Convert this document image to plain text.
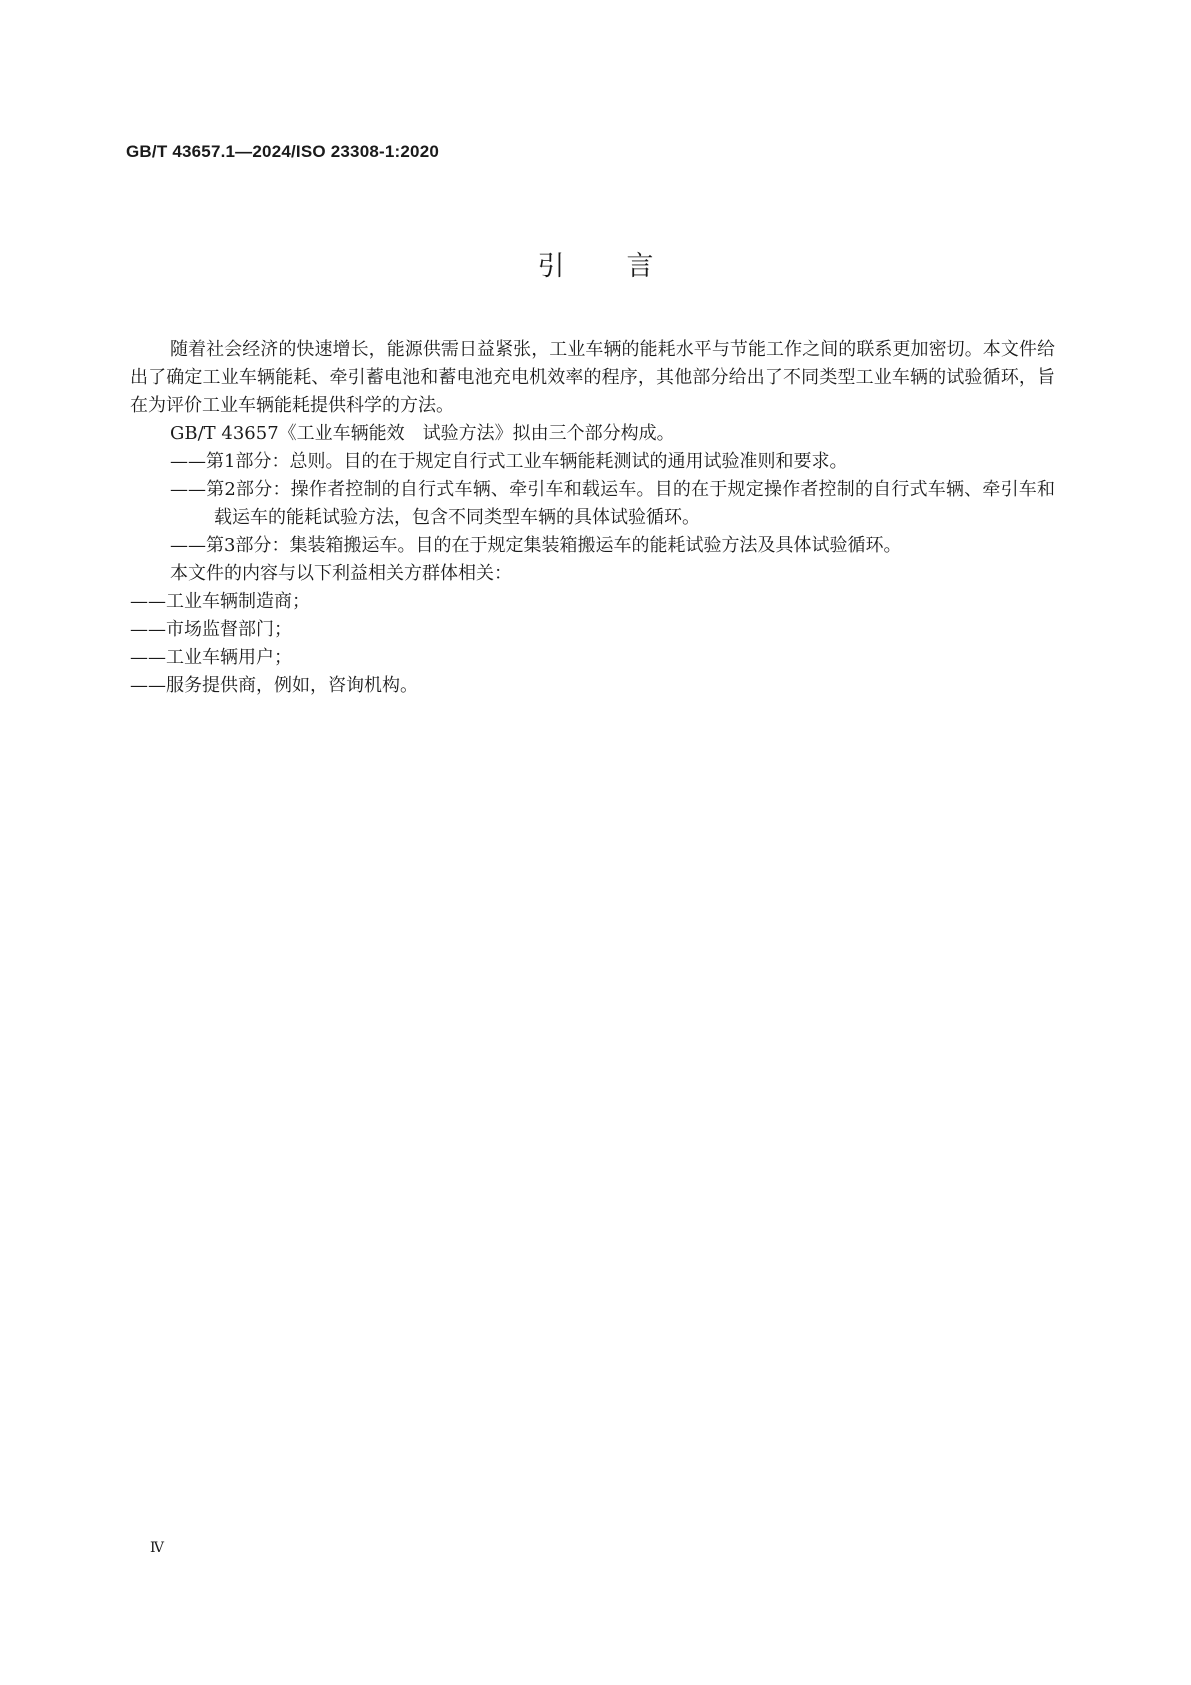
GB/T 43657.1—2024/ISO 23308-1:2020
引言

随着社会经济的快速增长，能源供需日益紧张，工业车辆的能耗水平与节能工作之间的联系更加密切。本文件给出了确定工业车辆能耗、牵引蓄电池和蓄电池充电机效率的程序，其他部分给出了不同类型工业车辆的试验循环，旨在为评价工业车辆能耗提供科学的方法。

GB/T 43657《工业车辆能效　试验方法》拟由三个部分构成。

——第1部分：总则。目的在于规定自行式工业车辆能耗测试的通用试验准则和要求。

——第2部分：操作者控制的自行式车辆、牵引车和载运车。目的在于规定操作者控制的自行式车辆、牵引车和载运车的能耗试验方法，包含不同类型车辆的具体试验循环。

——第3部分：集装箱搬运车。目的在于规定集装箱搬运车的能耗试验方法及具体试验循环。

本文件的内容与以下利益相关方群体相关：

——工业车辆制造商；

——市场监督部门；

——工业车辆用户；

——服务提供商，例如，咨询机构。

Ⅳ
